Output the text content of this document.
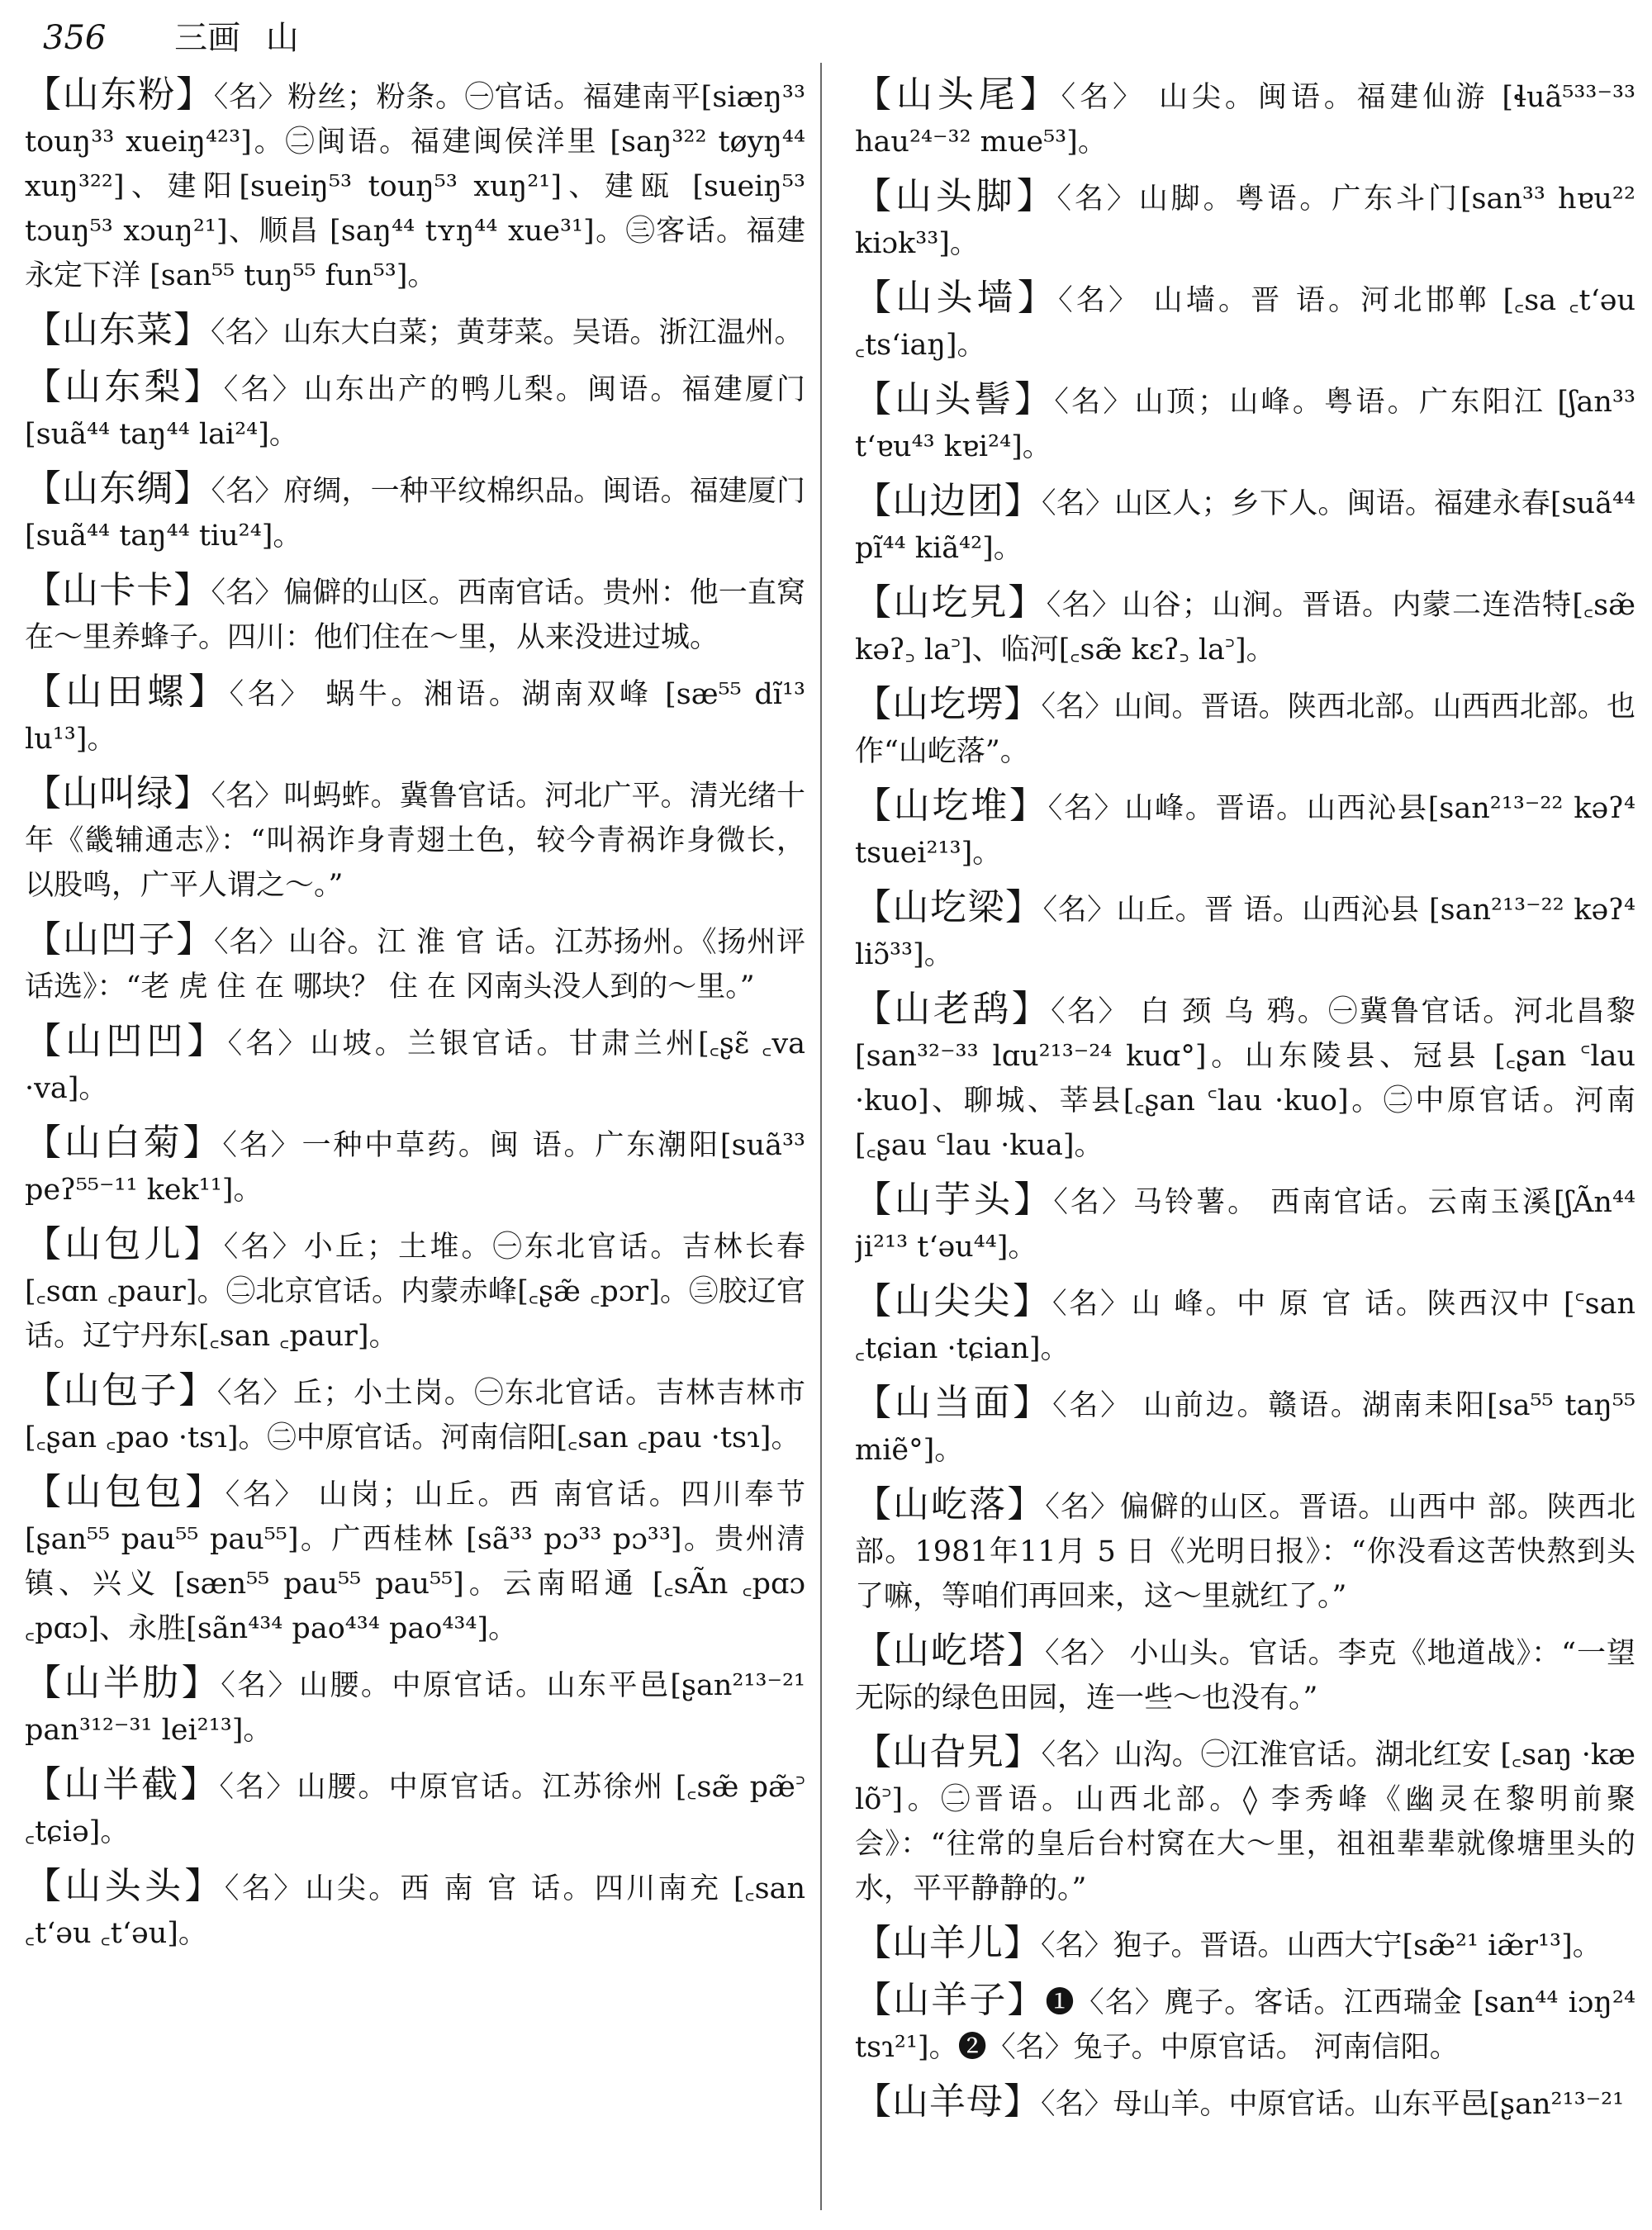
356 三画 山
【山东粉】〈名〉粉丝；粉条。㊀官话。福建南平[siæŋ³³ touŋ³³ xueiŋ⁴²³]。㊁闽语。福建闽侯洋里 [saŋ³²² tøyŋ⁴⁴ xuŋ³²²]、建阳[sueiŋ⁵³ touŋ⁵³ xuŋ²¹]、建瓯 [sueiŋ⁵³ tɔuŋ⁵³ xɔuŋ²¹]、顺昌 [saŋ⁴⁴ tʏŋ⁴⁴ xue³¹]。㊂客话。福建永定下洋 [san⁵⁵ tuŋ⁵⁵ fun⁵³]。
【山东菜】〈名〉山东大白菜；黄芽菜。吴语。浙江温州。
【山东梨】〈名〉山东出产的鸭儿梨。闽语。福建厦门[suã⁴⁴ taŋ⁴⁴ lai²⁴]。
【山东绸】〈名〉府绸，一种平纹棉织品。闽语。福建厦门[suã⁴⁴ taŋ⁴⁴ tiu²⁴]。
【山卡卡】〈名〉偏僻的山区。西南官话。贵州：他一直窝在～里养蜂子。四川：他们住在～里，从来没进过城。
【山田螺】〈名〉 蜗牛。湘语。湖南双峰 [sæ⁵⁵ dĩ¹³ lu¹³]。
【山叫绿】〈名〉叫蚂蚱。冀鲁官话。河北广平。清光绪十年《畿辅通志》：“叫祸诈身青翅土色，较今青祸诈身微长，以股鸣，广平人谓之～。”
【山凹子】〈名〉山谷。江 淮 官 话。江苏扬州。《扬州评话选》：“老 虎 住 在 哪块？ 住 在 冈南头没人到的～里。”
【山凹凹】〈名〉山坡。兰银官话。甘肃兰州[꜀ʂɛ̃ ꜀va ·va]。
【山白菊】〈名〉一种中草药。闽 语。广东潮阳[suã³³ peʔ⁵⁵⁻¹¹ kek¹¹]。
【山包儿】〈名〉小丘；土堆。㊀东北官话。吉林长春 [꜀sɑn ꜀paur]。㊁北京官话。内蒙赤峰[꜀ʂæ̃ ꜀pɔr]。㊂胶辽官话。辽宁丹东[꜀san ꜀paur]。
【山包子】〈名〉丘；小土岗。㊀东北官话。吉林吉林市 [꜀ʂan ꜀pao ·tsɿ]。㊁中原官话。河南信阳[꜀san ꜀pau ·tsɿ]。
【山包包】〈名〉 山岗；山丘。西 南官话。四川奉节 [ʂan⁵⁵ pau⁵⁵ pau⁵⁵]。广西桂林 [sã³³ pɔ³³ pɔ³³]。贵州清镇、兴义 [sæn⁵⁵ pau⁵⁵ pau⁵⁵]。云南昭通 [꜀sÃn ꜀pɑɔ ꜀pɑɔ]、永胜[sãn⁴³⁴ pao⁴³⁴ pao⁴³⁴]。
【山半肋】〈名〉山腰。中原官话。山东平邑[ʂan²¹³⁻²¹ pan³¹²⁻³¹ lei²¹³]。
【山半截】〈名〉山腰。中原官话。江苏徐州 [꜀sæ̃ pæ̃꜄ ꜀tɕiə]。
【山头头】〈名〉山尖。西 南 官 话。四川南充 [꜀san ꜀t‘əu ꜀t‘əu]。
【山头尾】〈名〉 山尖。闽语。福建仙游 [ɬuã⁵³³⁻³³ hau²⁴⁻³² mue⁵³]。
【山头脚】〈名〉山脚。粤语。广东斗门[san³³ hɐu²² kiɔk³³]。
【山头墙】〈名〉 山墙。晋 语。河北邯郸 [꜀sa ꜀t‘əu ꜀ts‘iaŋ]。
【山头髻】〈名〉山顶；山峰。粤语。广东阳江 [ʃan³³ t‘ɐu⁴³ kɐi²⁴]。
【山边团】〈名〉山区人；乡下人。闽语。福建永春[suã⁴⁴ pĩ⁴⁴ kiã⁴²]。
【山圪旯】〈名〉山谷；山涧。晋语。内蒙二连浩特[꜀sæ̃ kəʔ꜆ la꜄]、临河[꜀sæ̃ kɛʔ꜆ la꜄]。
【山圪塄】〈名〉山间。晋语。陕西北部。山西西北部。也作“山屹落”。
【山圪堆】〈名〉山峰。晋语。山西沁县[san²¹³⁻²² kəʔ⁴ tsuei²¹³]。
【山圪梁】〈名〉山丘。晋 语。山西沁县 [san²¹³⁻²² kəʔ⁴ liɔ̃³³]。
【山老鸹】〈名〉 白 颈 乌 鸦。㊀冀鲁官话。河北昌黎 [san³²⁻³³ lɑu²¹³⁻²⁴ kuɑ°]。山东陵县、冠县 [꜀ʂan ꜂lau ·kuo]、聊城、莘县[꜀ʂan ꜂lau ·kuo]。㊁中原官话。河南[꜀ʂau ꜂lau ·kua]。
【山芋头】〈名〉马铃薯。 西南官话。云南玉溪[ʃÃn⁴⁴ ji²¹³ t‘əu⁴⁴]。
【山尖尖】〈名〉山 峰。中 原 官 话。陕西汉中 [꜂san ꜀tɕian ·tɕian]。
【山当面】〈名〉 山前边。赣语。湖南耒阳[sa⁵⁵ taŋ⁵⁵ miẽ°]。
【山屹落】〈名〉偏僻的山区。晋语。山西中 部。陕西北部。1981年11月 5 日《光明日报》：“你没看这苦快熬到头了嘛，等咱们再回来，这～里就红了。”
【山屹塔】〈名〉 小山头。官话。李克《地道战》：“一望无际的绿色田园，连一些～也没有。”
【山旮旯】〈名〉山沟。㊀江淮官话。湖北红安 [꜀saŋ ·kæ lõ꜄]。㊁晋语。山西北部。◊ 李秀峰《幽灵在黎明前聚会》：“往常的皇后台村窝在大～里，祖祖辈辈就像塘里头的水，平平静静的。”
【山羊儿】〈名〉狍子。晋语。山西大宁[sæ̃²¹ iæ̃r¹³]。
【山羊子】❶〈名〉麂子。客话。江西瑞金 [san⁴⁴ iɔŋ²⁴ tsɿ²¹]。❷〈名〉兔子。中原官话。 河南信阳。
【山羊母】〈名〉母山羊。中原官话。山东平邑[ʂan²¹³⁻²¹
